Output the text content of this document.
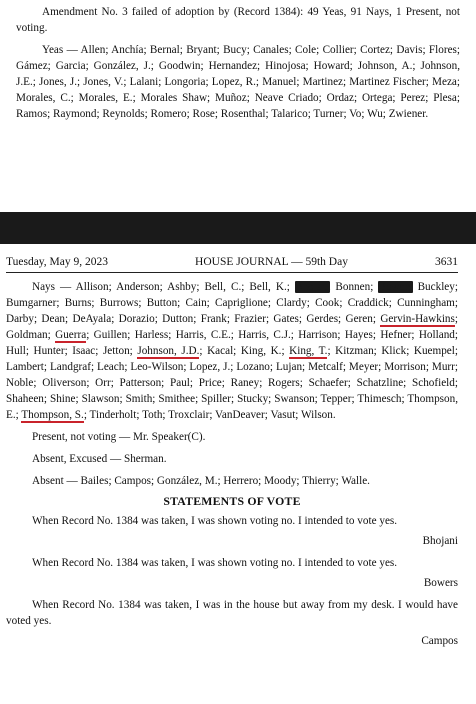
Amendment No. 3 failed of adoption by (Record 1384): 49 Yeas, 91 Nays, 1 Present, not voting.

Yeas — Allen; Anchía; Bernal; Bryant; Bucy; Canales; Cole; Collier; Cortez; Davis; Flores; Gámez; Garcia; González, J.; Goodwin; Hernandez; Hinojosa; Howard; Johnson, A.; Johnson, J.E.; Jones, J.; Jones, V.; Lalani; Longoria; Lopez, R.; Manuel; Martinez; Martinez Fischer; Meza; Morales, C.; Morales, E.; Morales Shaw; Muñoz; Neave Criado; Ordaz; Ortega; Perez; Plesa; Ramos; Raymond; Reynolds; Romero; Rose; Rosenthal; Talarico; Turner; Vo; Wu; Zwiener.

Tuesday, May 9, 2023	HOUSE JOURNAL — 59th Day	3631

Nays — Allison; Anderson; Ashby; Bell, C.; Bell, K.; Bhojani Bonnen; Bowers Buckley; Bumgarner; Burns; Burrows; Button; Cain; Capriglione; Clardy; Cook; Craddick; Cunningham; Darby; Dean; DeAyala; Dorazio; Dutton; Frank; Frazier; Gates; Gerdes; Geren; Gervin-Hawkins; Goldman; Guerra; Guillen; Harless; Harris, C.E.; Harris, C.J.; Harrison; Hayes; Hefner; Holland; Hull; Hunter; Isaac; Jetton; Johnson, J.D.; Kacal; King, K.; King, T.; Kitzman; Klick; Kuempel; Lambert; Landgraf; Leach; Leo-Wilson; Lopez, J.; Lozano; Lujan; Metcalf; Meyer; Morrison; Murr; Noble; Oliverson; Orr; Patterson; Paul; Price; Raney; Rogers; Schaefer; Schatzline; Schofield; Shaheen; Shine; Slawson; Smith; Smithee; Spiller; Stucky; Swanson; Tepper; Thimesch; Thompson, E.; Thompson, S.; Tinderholt; Toth; Troxclair; VanDeaver; Vasut; Wilson.

Present, not voting — Mr. Speaker(C).

Absent, Excused — Sherman.

Absent — Bailes; Campos; González, M.; Herrero; Moody; Thierry; Walle.

STATEMENTS OF VOTE

When Record No. 1384 was taken, I was shown voting no. I intended to vote yes.

Bhojani

When Record No. 1384 was taken, I was shown voting no. I intended to vote yes.

Bowers

When Record No. 1384 was taken, I was in the house but away from my desk. I would have voted yes.

Campos
